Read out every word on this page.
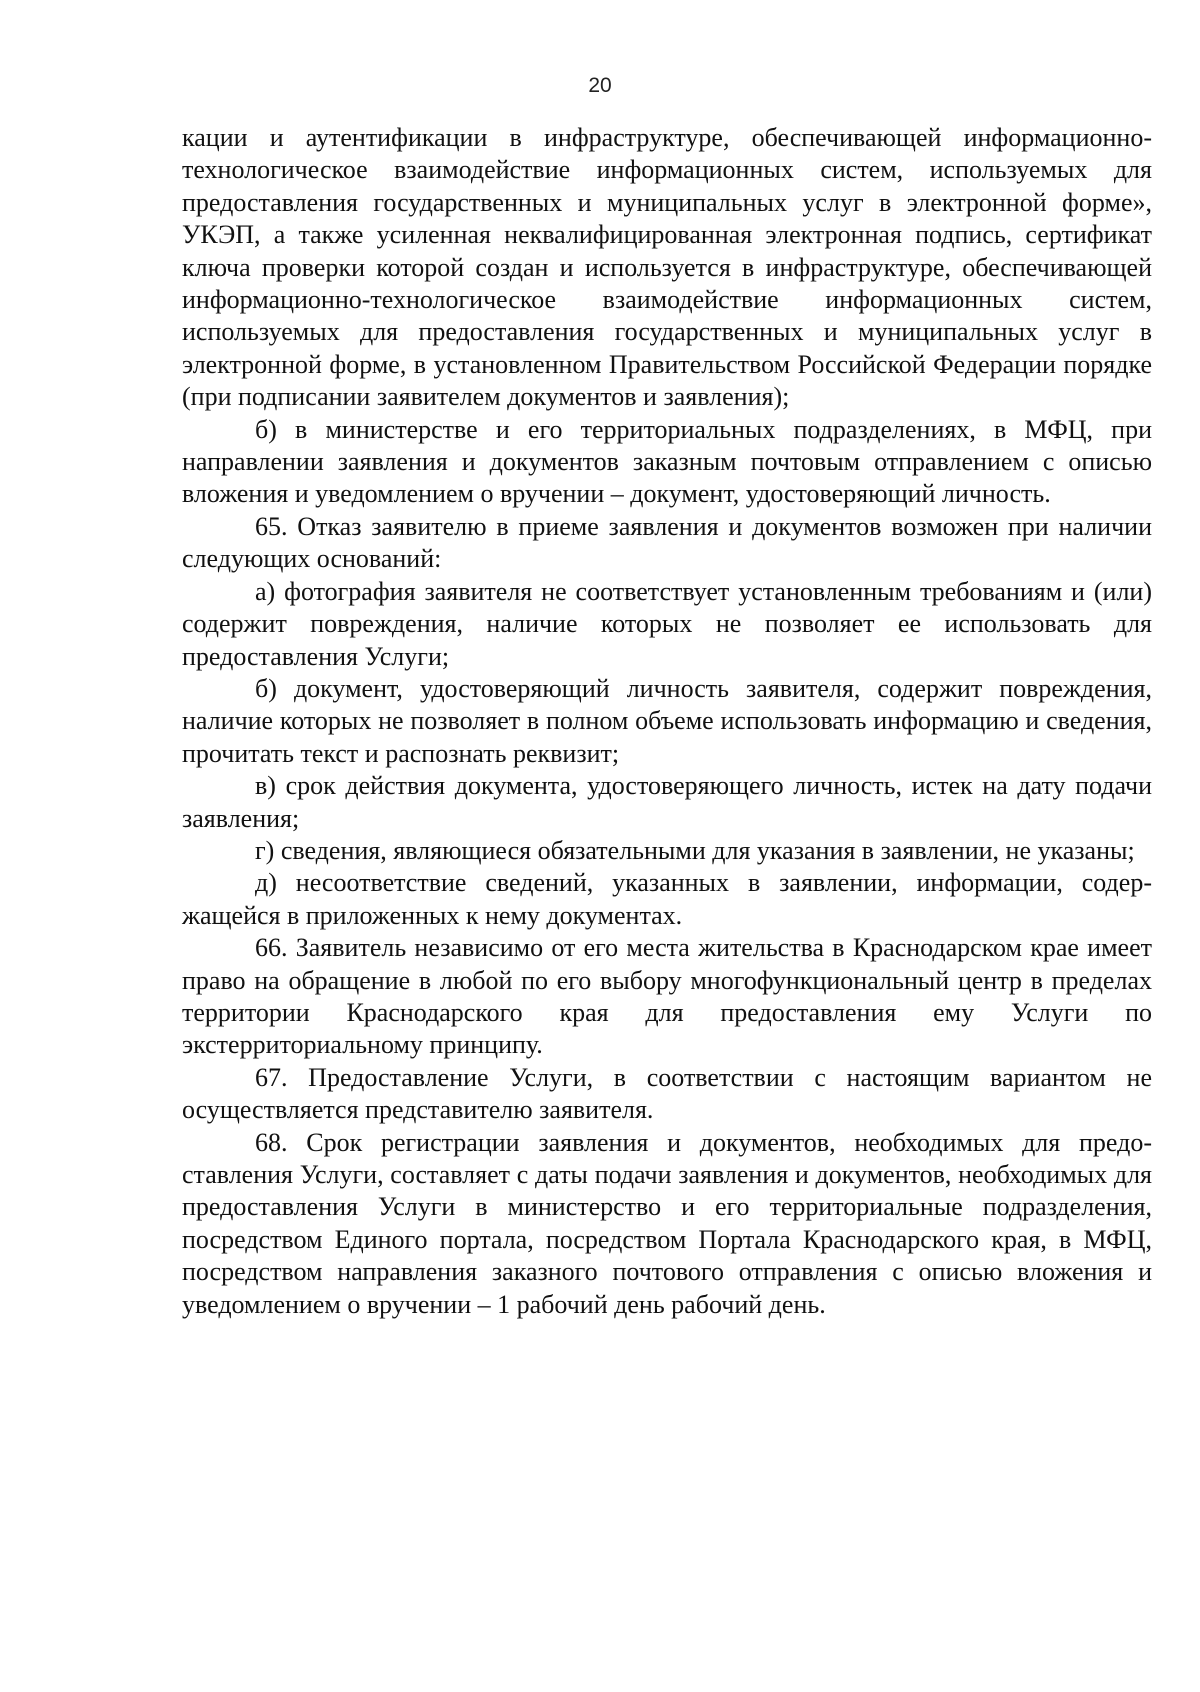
20

кации и аутентификации в инфраструктуре, обеспечивающей информационно-технологическое взаимодействие информационных систем, используемых для предоставления государственных и муниципальных услуг в электронной форме», УКЭП, а также усиленная неквалифицированная электронная подпись, сертификат ключа проверки которой создан и используется в инфраструктуре, обеспечивающей информационно-технологическое взаимодействие информационных систем, используемых для предоставления государственных и муниципальных услуг в электронной форме, в установленном Правительством Российской Федерации порядке (при подписании заявителем документов и заявления);

б) в министерстве и его территориальных подразделениях, в МФЦ, при направлении заявления и документов заказным почтовым отправлением с описью вложения и уведомлением о вручении – документ, удостоверяющий личность.

65. Отказ заявителю в приеме заявления и документов возможен при наличии следующих оснований:

а) фотография заявителя не соответствует установленным требованиям и (или) содержит повреждения, наличие которых не позволяет ее использовать для предоставления Услуги;

б) документ, удостоверяющий личность заявителя, содержит повреждения, наличие которых не позволяет в полном объеме использовать информацию и сведения, прочитать текст и распознать реквизит;

в) срок действия документа, удостоверяющего личность, истек на дату подачи заявления;

г) сведения, являющиеся обязательными для указания в заявлении, не указаны;

д) несоответствие сведений, указанных в заявлении, информации, содержащейся в приложенных к нему документах.

66. Заявитель независимо от его места жительства в Краснодарском крае имеет право на обращение в любой по его выбору многофункциональный центр в пределах территории Краснодарского края для предоставления ему Услуги по экстерриториальному принципу.

67. Предоставление Услуги, в соответствии с настоящим вариантом не осуществляется представителю заявителя.

68. Срок регистрации заявления и документов, необходимых для предоставления Услуги, составляет с даты подачи заявления и документов, необходимых для предоставления Услуги в министерство и его территориальные подразделения, посредством Единого портала, посредством Портала Краснодарского края, в МФЦ, посредством направления заказного почтового отправления с описью вложения и уведомлением о вручении – 1 рабочий день рабочий день.
